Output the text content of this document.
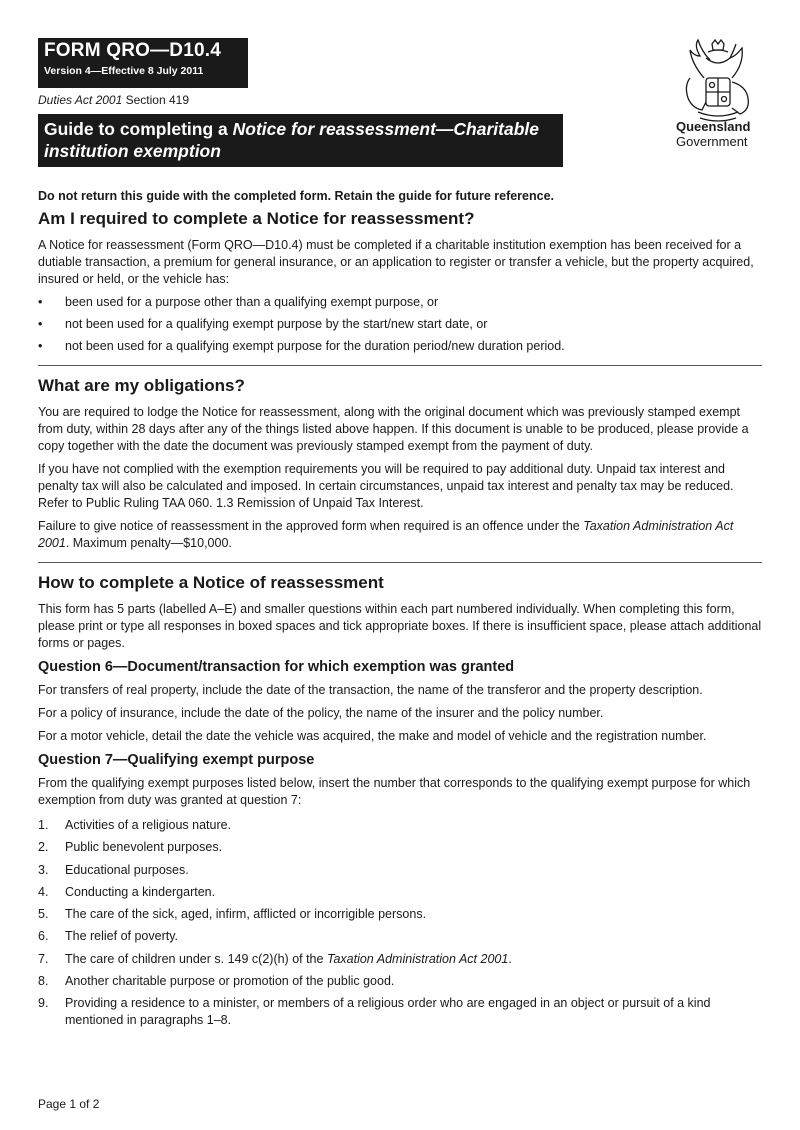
FORM QRO—D10.4
Version 4—Effective 8 July 2011
Duties Act 2001 Section 419
Guide to completing a Notice for reassessment—Charitable institution exemption
Queensland
Government

Do not return this guide with the completed form. Retain the guide for future reference.

Am I required to complete a Notice for reassessment?

A Notice for reassessment (Form QRO—D10.4) must be completed if a charitable institution exemption has been received for a dutiable transaction, a premium for general insurance, or an application to register or transfer a vehicle, but the property acquired, insured or held, or the vehicle has:

• been used for a purpose other than a qualifying exempt purpose, or
• not been used for a qualifying exempt purpose by the start/new start date, or
• not been used for a qualifying exempt purpose for the duration period/new duration period.
What are my obligations?

You are required to lodge the Notice for reassessment, along with the original document which was previously stamped exempt from duty, within 28 days after any of the things listed above happen. If this document is unable to be produced, please provide a copy together with the date the document was previously stamped exempt from the payment of duty.

If you have not complied with the exemption requirements you will be required to pay additional duty. Unpaid tax interest and penalty tax will also be calculated and imposed. In certain circumstances, unpaid tax interest and penalty tax may be reduced. Refer to Public Ruling TAA 060. 1.3 Remission of Unpaid Tax Interest.

Failure to give notice of reassessment in the approved form when required is an offence under the Taxation Administration Act 2001. Maximum penalty—$10,000.

How to complete a Notice of reassessment

This form has 5 parts (labelled A–E) and smaller questions within each part numbered individually. When completing this form, please print or type all responses in boxed spaces and tick appropriate boxes. If there is insufficient space, please attach additional forms or pages.

Question 6—Document/transaction for which exemption was granted

For transfers of real property, include the date of the transaction, the name of the transferor and the property description.

For a policy of insurance, include the date of the policy, the name of the insurer and the policy number.

For a motor vehicle, detail the date the vehicle was acquired, the make and model of vehicle and the registration number.

Question 7—Qualifying exempt purpose

From the qualifying exempt purposes listed below, insert the number that corresponds to the qualifying exempt purpose for which exemption from duty was granted at question 7:

1. Activities of a religious nature.
2. Public benevolent purposes.
3. Educational purposes.
4. Conducting a kindergarten.
5. The care of the sick, aged, infirm, afflicted or incorrigible persons.
6. The relief of poverty.
7. The care of children under s. 149 c(2)(h) of the Taxation Administration Act 2001.
8. Another charitable purpose or promotion of the public good.
9. Providing a residence to a minister, or members of a religious order who are engaged in an object or pursuit of a kind mentioned in paragraphs 1–8.
Page 1 of 2
